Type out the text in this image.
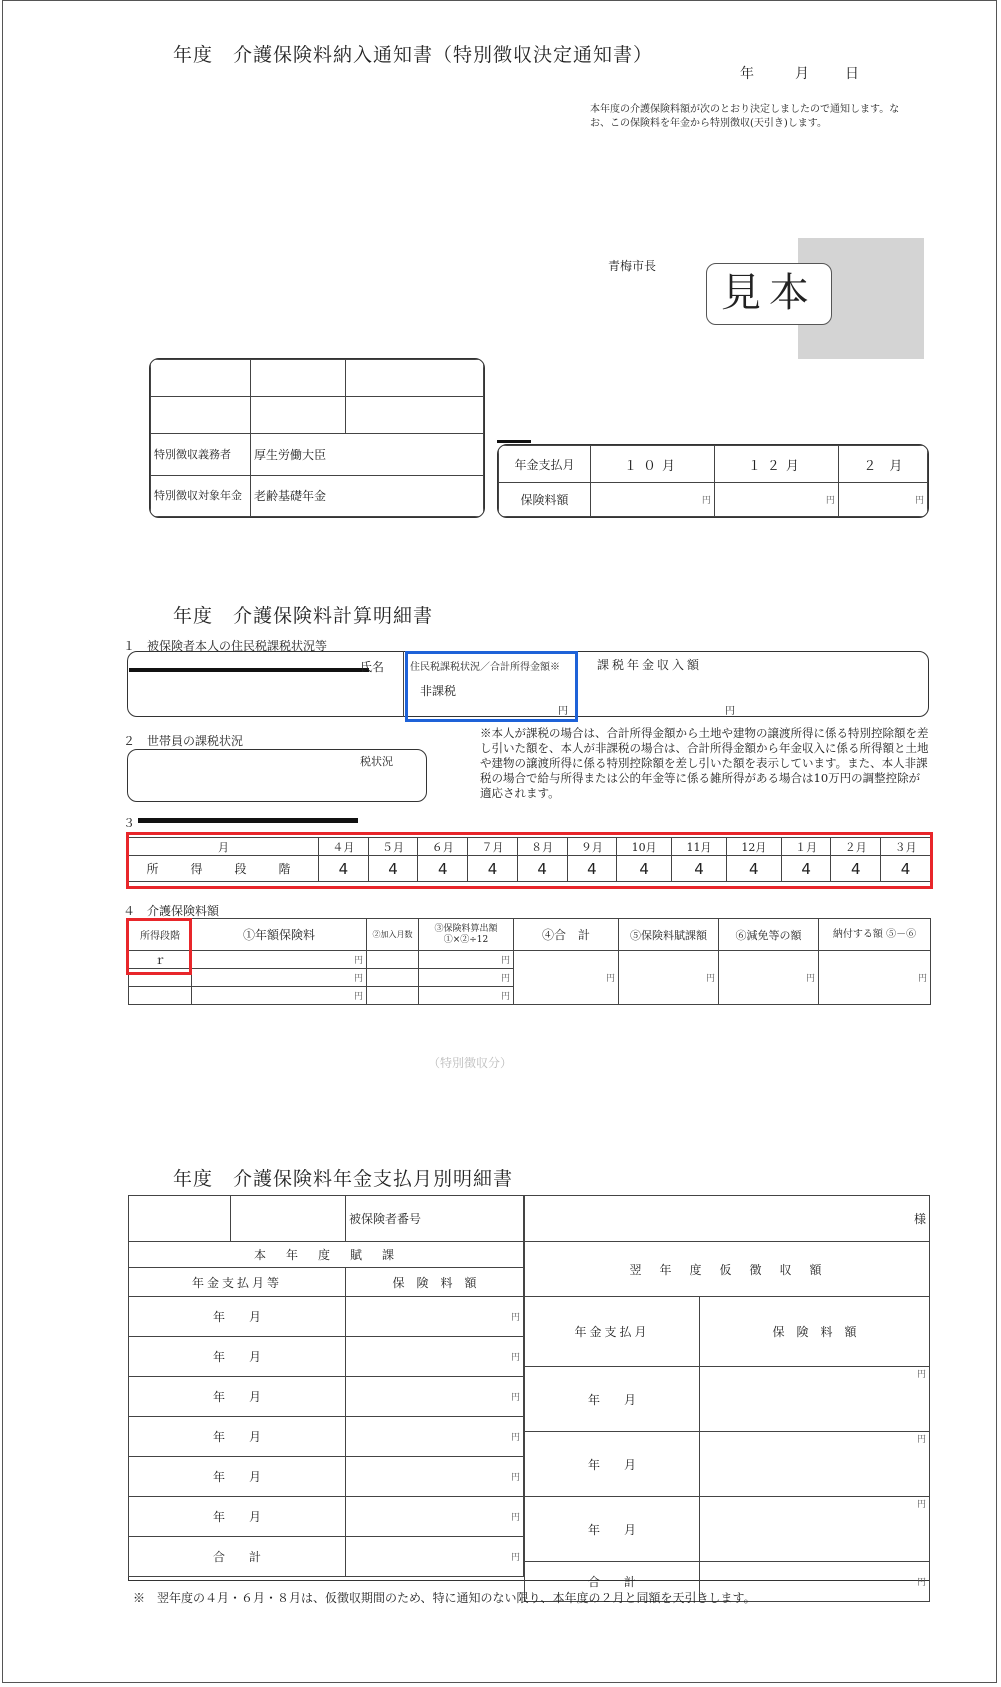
年度　介護保険料納入通知書（特別徴収決定通知書）
年	月	日
本年度の介護保険料額が次のとおり決定しましたので通知します。なお、この保険料を年金から特別徴収(天引き)します。
青梅市長
見本

特別徴収義務者	厚生労働大臣	
特別徴収対象年金	老齢基礎年金	
年金支払月	１０月	１２月	２　月
保険料額	円	円	円
年度　介護保険料計算明細書
１　被保険者本人の住民税課税状況等
氏名	住民税課税状況／合計所得金額※
非課税
円
課税年金収入額
円
２　世帯員の課税状況
税状況
※本人が課税の場合は、合計所得金額から土地や建物の譲渡所得に係る特別控除額を差し引いた額を、本人が非課税の場合は、合計所得金額から年金収入に係る所得額と土地や建物の譲渡所得に係る特別控除額を差し引いた額を表示しています。また、本人非課税の場合で給与所得または公的年金等に係る雑所得がある場合は10万円の調整控除が適応されます。
３
月	４月	５月	６月	７月	８月	９月	10月	11月	12月	１月	２月	３月
所　得　段　階	4	4	4	4	4	4	4	4	4	4	4	4
４　介護保険料額
所得段階	①年額保険料	②加入月数	③保険料算出額 ①×②÷12	④合　計	⑤保険料賦課額	⑥減免等の額	納付する額 ⑤－⑥
ｒ	円		円	円	円	円	円
	円		円				
	円		円				
（特別徴収分）
年度　介護保険料年金支払月別明細書
		被保険者番号
本　年　度　賦　課		
年金支払月等		保　険　料　額
年　　月		円
年　　月		円
年　　月		円
年　　月		円
年　　月		円
年　　月		円
合　　計		円
様	
翌　年　度　仮　徴　収　額	
年金支払月	保　険　料　額
年　　月	円
年　　月	円
年　　月	円
合　　計	円
※　翌年度の４月・６月・８月は、仮徴収期間のため、特に通知のない限り、本年度の２月と同額を天引きします。
